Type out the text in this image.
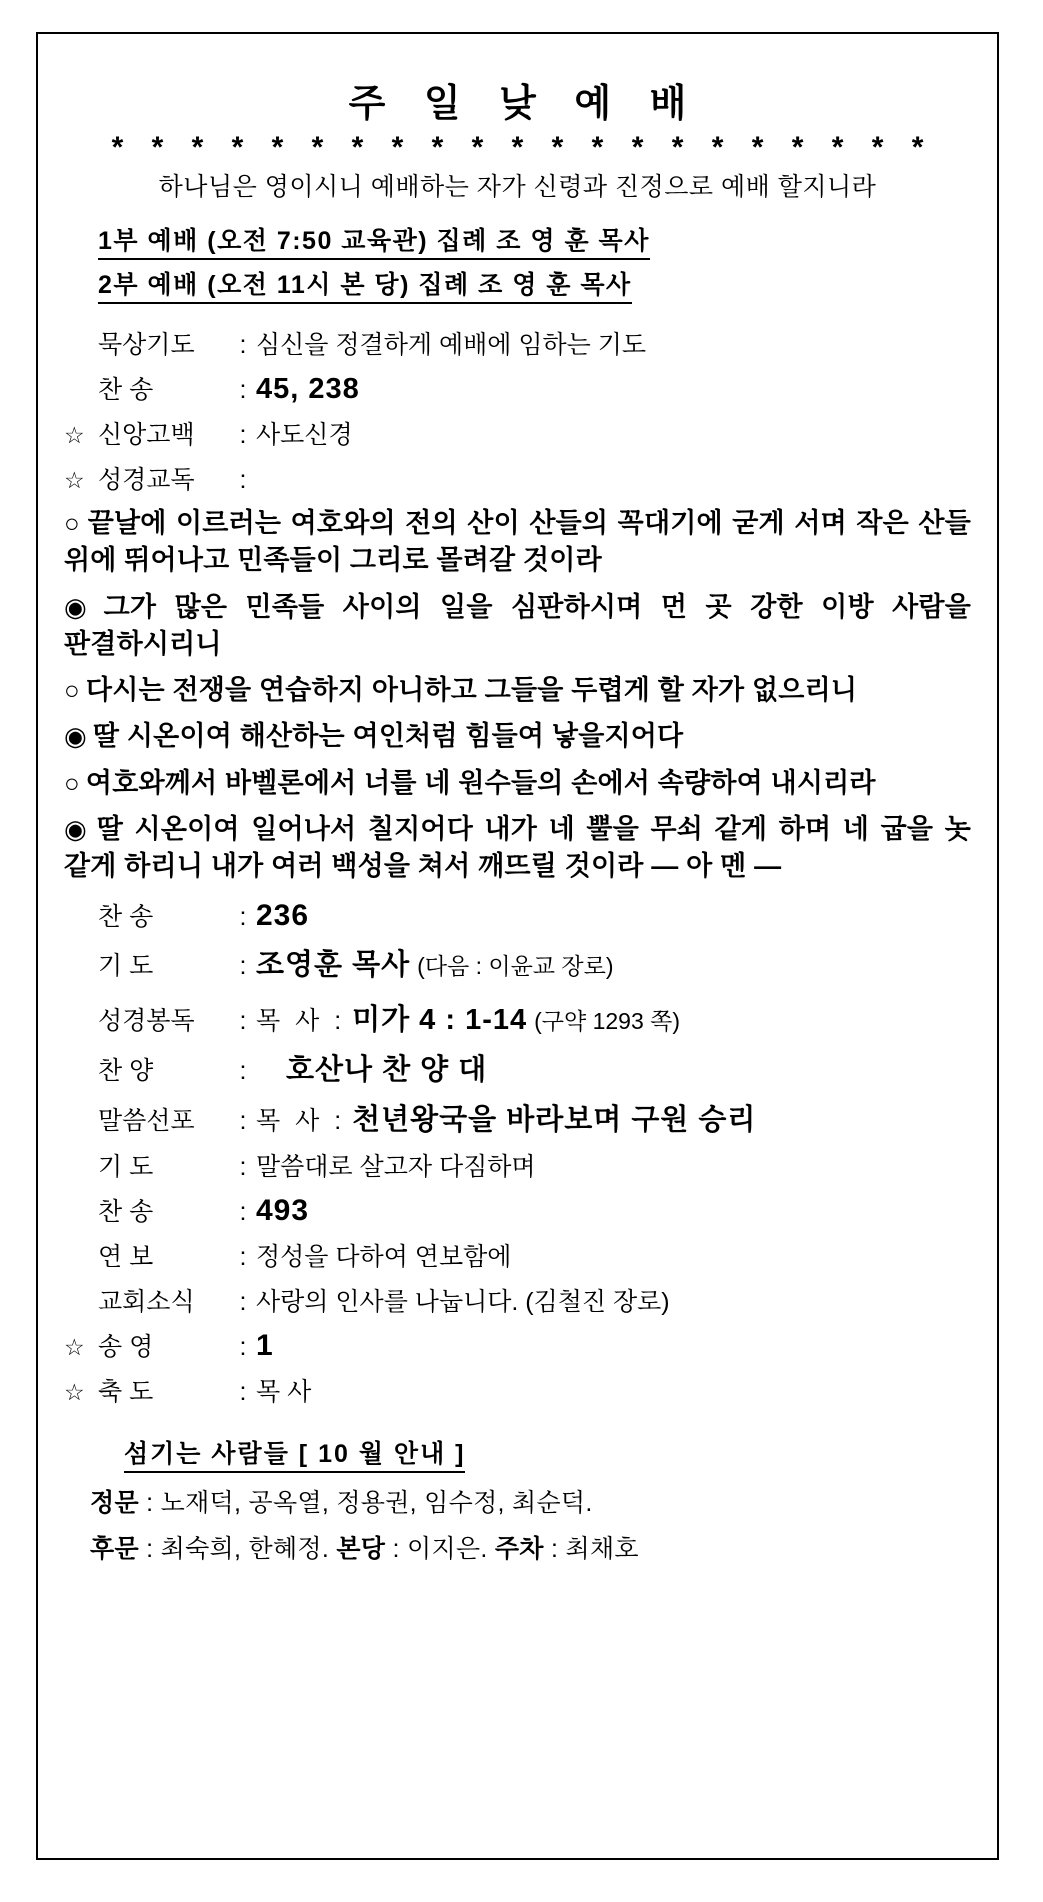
주 일 낮 예 배
* * * * * * * * * * * * * * * * * * * * *
하나님은 영이시니 예배하는 자가 신령과 진정으로 예배 할지니라
1부 예배 (오전 7:50 교육관) 집례 조 영 훈 목사
2부 예배 (오전 11시 본 당) 집례 조 영 훈 목사
묵상기도	: 심신을 정결하게 예배에 임하는 기도
찬 송	: 45, 238
☆ 신앙고백	: 사도신경
☆ 성경교독	:
○ 끝날에 이르러는 여호와의 전의 산이 산들의 꼭대기에 굳게 서며 작은 산들 위에 뛰어나고 민족들이 그리로 몰려갈 것이라
◉ 그가 많은 민족들 사이의 일을 심판하시며 먼 곳 강한 이방 사람을 판결하시리니
○ 다시는 전쟁을 연습하지 아니하고 그들을 두렵게 할 자가 없으리니
◉ 딸 시온이여 해산하는 여인처럼 힘들여 낳을지어다
○ 여호와께서 바벨론에서 너를 네 원수들의 손에서 속량하여 내시리라
◉ 딸 시온이여 일어나서 칠지어다 내가 네 뿔을 무쇠 같게 하며 네 굽을 놋 같게 하리니 내가 여러 백성을 쳐서 깨뜨릴 것이라 ― 아 멘 ―
찬 송	: 236
기 도	: 조영훈 목사 (다음 : 이윤교 장로)
성경봉독	: 목 사 : 미가 4 : 1-14 (구약 1293 쪽)
찬 양	:	호산나 찬 양 대
말씀선포	: 목 사 : 천년왕국을 바라보며 구원 승리
기 도	: 말씀대로 살고자 다짐하며
찬 송	: 493
연 보	: 정성을 다하여 연보함에
교회소식	: 사랑의 인사를 나눕니다. (김철진 장로)
☆ 송 영	: 1
☆ 축 도	: 목 사
섬기는 사람들 [ 10 월 안내 ]
정문 : 노재덕, 공옥열, 정용권, 임수정, 최순덕.
후문 : 최숙희, 한혜정. 본당 : 이지은. 주차 : 최채호
